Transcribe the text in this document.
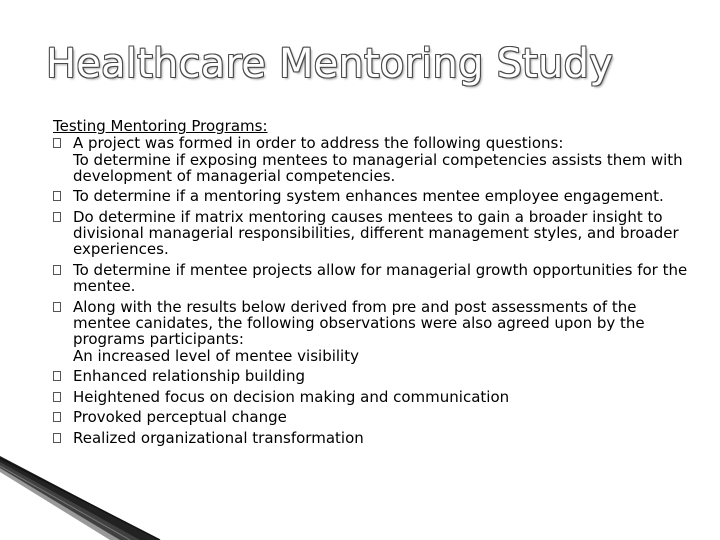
Healthcare Mentoring Study
Testing Mentoring Programs:
A project was formed in order to address the following questions:
To determine if exposing mentees to managerial competencies assists them with development of managerial competencies.
To determine if a mentoring system enhances mentee employee engagement.
Do determine if matrix mentoring causes mentees to gain a broader insight to divisional managerial responsibilities, different management styles, and broader experiences.
To determine if mentee projects allow for managerial growth opportunities for the mentee.
Along with the results below derived from pre and post assessments of the mentee canidates, the following observations were also agreed upon by the programs participants:
An increased level of mentee visibility
Enhanced relationship building
Heightened focus on decision making and communication
Provoked perceptual change
Realized organizational transformation
